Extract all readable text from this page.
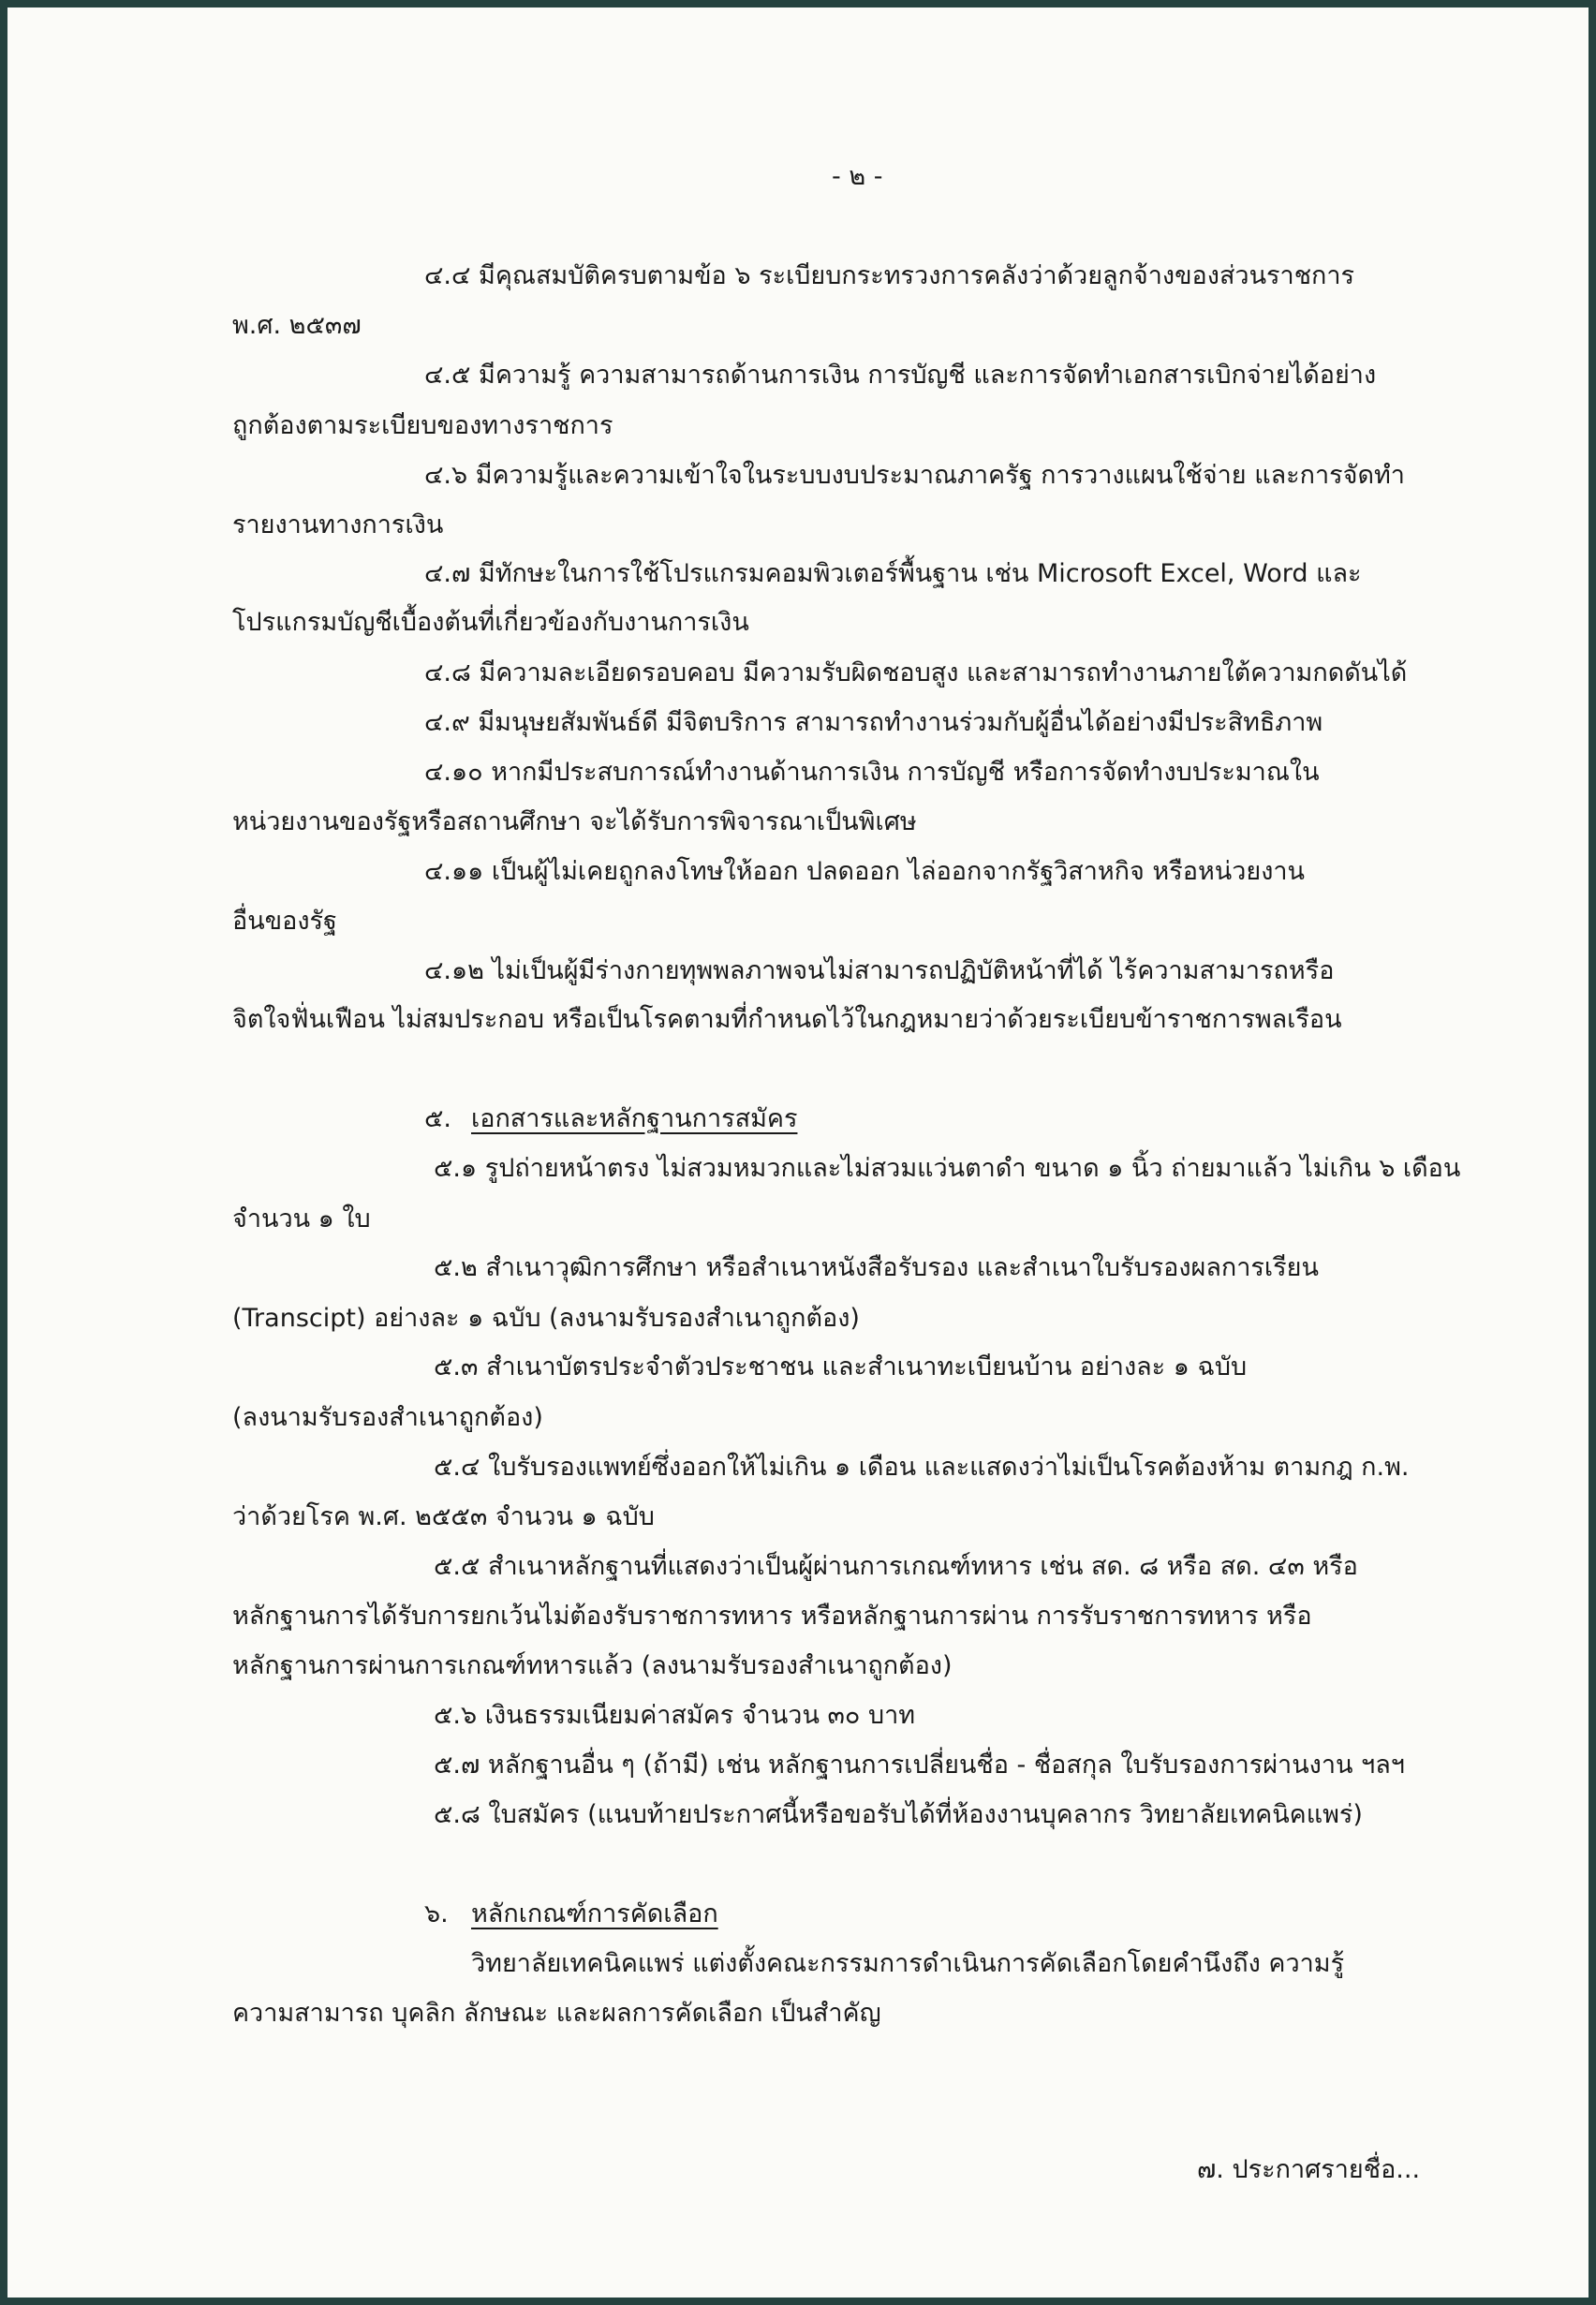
- ๒ -
๔.๔ มีคุณสมบัติครบตามข้อ ๖ ระเบียบกระทรวงการคลังว่าด้วยลูกจ้างของส่วนราชการ
พ.ศ. ๒๕๓๗
๔.๕ มีความรู้ ความสามารถด้านการเงิน การบัญชี และการจัดทำเอกสารเบิกจ่ายได้อย่าง
ถูกต้องตามระเบียบของทางราชการ
๔.๖ มีความรู้และความเข้าใจในระบบงบประมาณภาครัฐ การวางแผนใช้จ่าย และการจัดทำ
รายงานทางการเงิน
๔.๗ มีทักษะในการใช้โปรแกรมคอมพิวเตอร์พื้นฐาน เช่น Microsoft Excel, Word และ
โปรแกรมบัญชีเบื้องต้นที่เกี่ยวข้องกับงานการเงิน
๔.๘ มีความละเอียดรอบคอบ มีความรับผิดชอบสูง และสามารถทำงานภายใต้ความกดดันได้
๔.๙ มีมนุษยสัมพันธ์ดี มีจิตบริการ สามารถทำงานร่วมกับผู้อื่นได้อย่างมีประสิทธิภาพ
๔.๑๐ หากมีประสบการณ์ทำงานด้านการเงิน การบัญชี หรือการจัดทำงบประมาณใน
หน่วยงานของรัฐหรือสถานศึกษา จะได้รับการพิจารณาเป็นพิเศษ
๔.๑๑ เป็นผู้ไม่เคยถูกลงโทษให้ออก ปลดออก ไล่ออกจากรัฐวิสาหกิจ หรือหน่วยงาน
อื่นของรัฐ
๔.๑๒ ไม่เป็นผู้มีร่างกายทุพพลภาพจนไม่สามารถปฏิบัติหน้าที่ได้ ไร้ความสามารถหรือ
จิตใจฟั่นเฟือน ไม่สมประกอบ หรือเป็นโรคตามที่กำหนดไว้ในกฎหมายว่าด้วยระเบียบข้าราชการพลเรือน
๕. เอกสารและหลักฐานการสมัคร
๕.๑ รูปถ่ายหน้าตรง ไม่สวมหมวกและไม่สวมแว่นตาดำ ขนาด ๑ นิ้ว ถ่ายมาแล้ว ไม่เกิน ๖ เดือน
จำนวน ๑ ใบ
๕.๒ สำเนาวุฒิการศึกษา หรือสำเนาหนังสือรับรอง และสำเนาใบรับรองผลการเรียน
(Transcipt) อย่างละ ๑ ฉบับ (ลงนามรับรองสำเนาถูกต้อง)
๕.๓ สำเนาบัตรประจำตัวประชาชน และสำเนาทะเบียนบ้าน อย่างละ ๑ ฉบับ
(ลงนามรับรองสำเนาถูกต้อง)
๕.๔ ใบรับรองแพทย์ซึ่งออกให้ไม่เกิน ๑ เดือน และแสดงว่าไม่เป็นโรคต้องห้าม ตามกฎ ก.พ.
ว่าด้วยโรค พ.ศ. ๒๕๕๓ จำนวน ๑ ฉบับ
๕.๕ สำเนาหลักฐานที่แสดงว่าเป็นผู้ผ่านการเกณฑ์ทหาร เช่น สด. ๘ หรือ สด. ๔๓ หรือ
หลักฐานการได้รับการยกเว้นไม่ต้องรับราชการทหาร หรือหลักฐานการผ่าน การรับราชการทหาร หรือ
หลักฐานการผ่านการเกณฑ์ทหารแล้ว (ลงนามรับรองสำเนาถูกต้อง)
๕.๖ เงินธรรมเนียมค่าสมัคร จำนวน ๓๐ บาท
๕.๗ หลักฐานอื่น ๆ (ถ้ามี) เช่น หลักฐานการเปลี่ยนชื่อ - ชื่อสกุล ใบรับรองการผ่านงาน ฯลฯ
๕.๘ ใบสมัคร (แนบท้ายประกาศนี้หรือขอรับได้ที่ห้องงานบุคลากร วิทยาลัยเทคนิคแพร่)
๖. หลักเกณฑ์การคัดเลือก
วิทยาลัยเทคนิคแพร่ แต่งตั้งคณะกรรมการดำเนินการคัดเลือกโดยคำนึงถึง ความรู้
ความสามารถ บุคลิก ลักษณะ และผลการคัดเลือก เป็นสำคัญ
๗. ประกาศรายชื่อ...
